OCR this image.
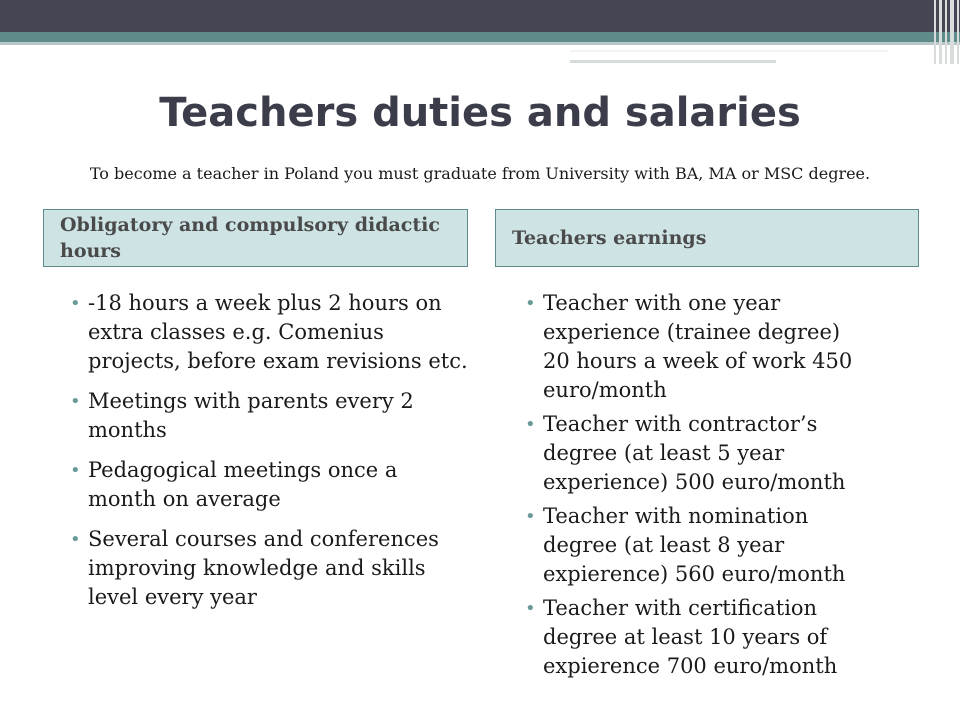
Teachers duties and salaries

To become a teacher in Poland you must graduate from University with BA, MA or MSC degree.

Obligatory and compulsory didactic hours
Teachers earnings
• -18 hours a week plus 2 hours on extra classes e.g. Comenius projects, before exam revisions etc.
• Meetings with parents every 2 months
• Pedagogical meetings once a month on average
• Several courses and conferences improving knowledge and skills level every year
• Teacher with one year experience (trainee degree) 20 hours a week of work 450 euro/month
• Teacher with contractor’s degree (at least 5 year experience) 500 euro/month
• Teacher with nomination degree (at least 8 year expierence) 560 euro/month
• Teacher with certification degree at least 10 years of expierence 700 euro/month
